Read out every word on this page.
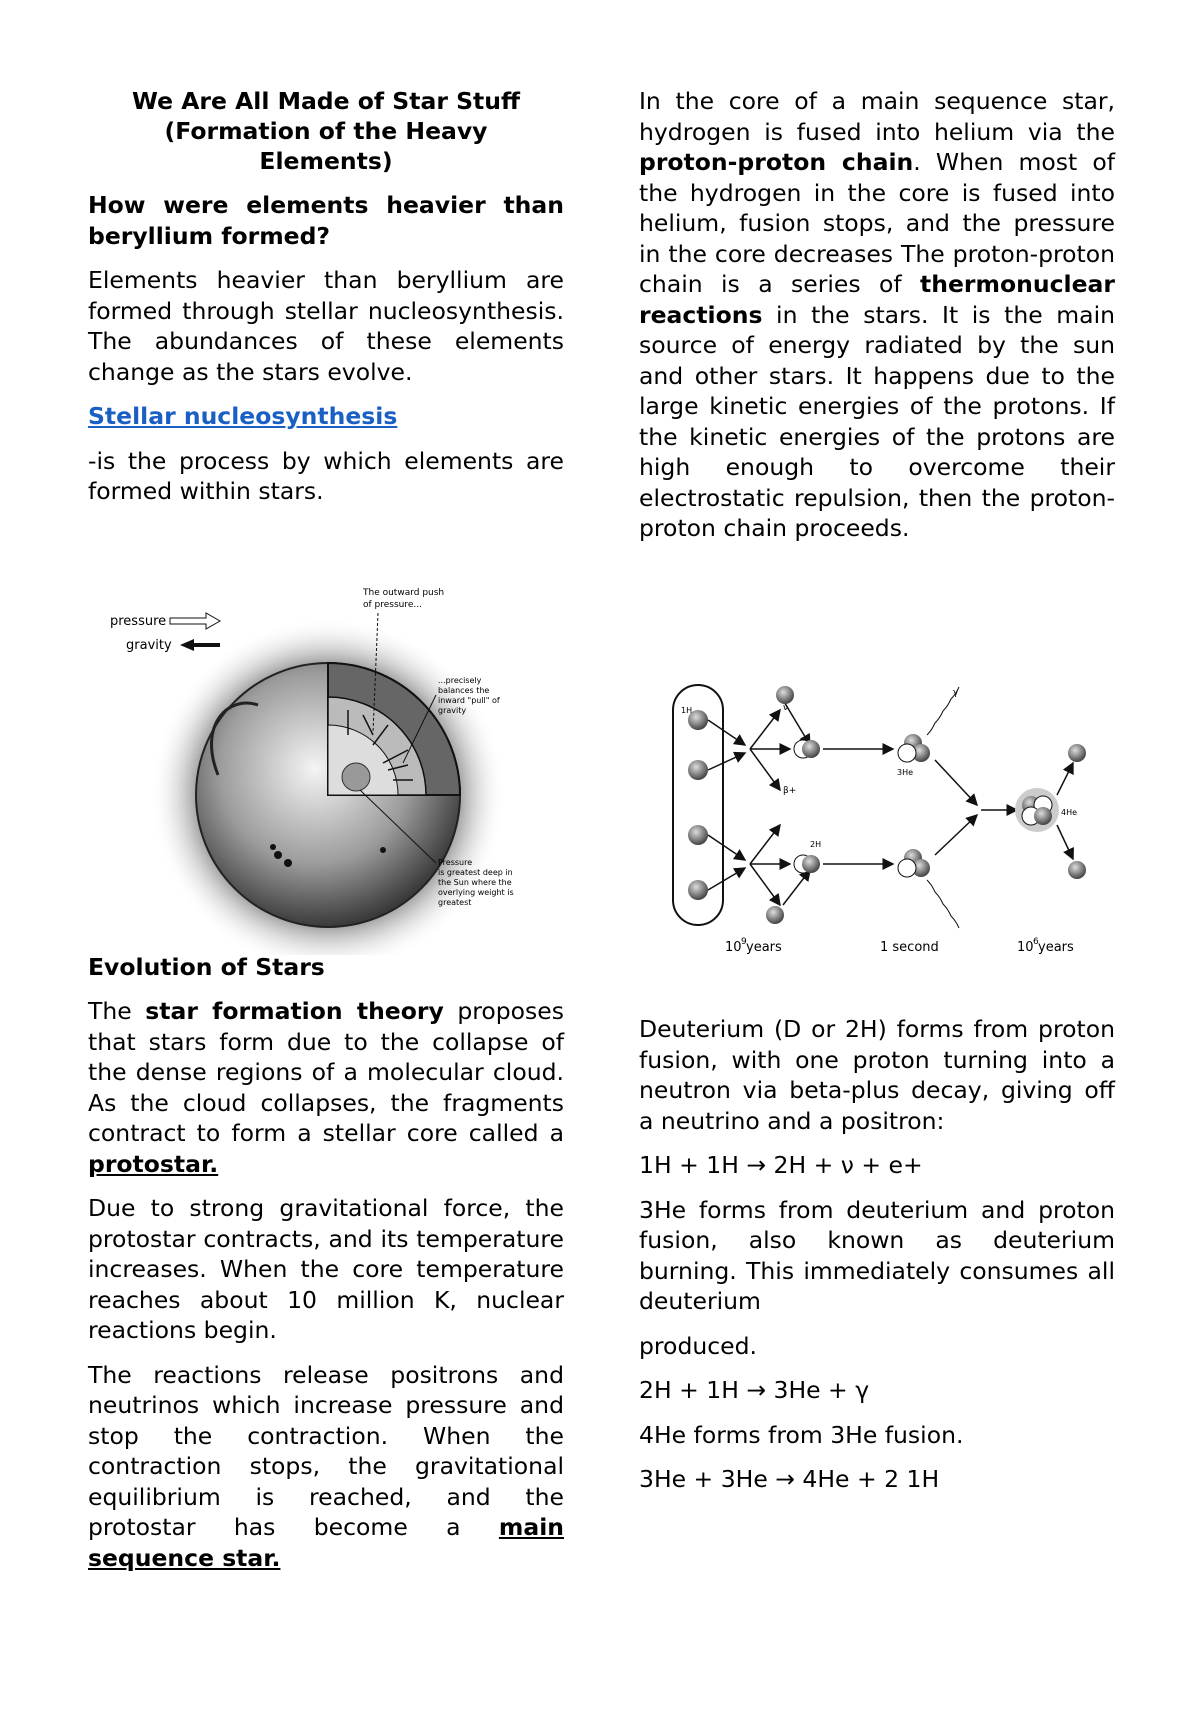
We Are All Made of Star Stuff
(Formation of the Heavy
Elements)

How were elements heavier than beryllium formed?

Elements heavier than beryllium are formed through stellar nucleosynthesis. The abundances of these elements change as the stars evolve.

Stellar nucleosynthesis

-is the process by which elements are formed within stars.

pressure
gravity
The outward push
of pressure...
...precisely
balances the
inward "pull" of
gravity
Pressure
is greatest deep in
the Sun where the
overlying weight is
greatest
Evolution of Stars

The star formation theory proposes that stars form due to the collapse of the dense regions of a molecular cloud. As the cloud collapses, the fragments contract to form a stellar core called a protostar.

Due to strong gravitational force, the protostar contracts, and its temperature increases. When the core temperature reaches about 10 million K, nuclear reactions begin.

The reactions release positrons and neutrinos which increase pressure and stop the contraction. When the contraction stops, the gravitational equilibrium is reached, and the protostar has become a main sequence star.

In the core of a main sequence star, hydrogen is fused into helium via the proton-proton chain. When most of the hydrogen in the core is fused into helium, fusion stops, and the pressure in the core decreases The proton-proton chain is a series of thermonuclear reactions in the stars. It is the main source of energy radiated by the sun and other stars. It happens due to the large kinetic energies of the protons. If the kinetic energies of the protons are high enough to overcome their electrostatic repulsion, then the proton-proton chain proceeds.

1H	ν
β+
2H
3He
γ
4He
10 9 years	1 second	10 6 years

Deuterium (D or 2H) forms from proton fusion, with one proton turning into a neutron via beta-plus decay, giving off a neutrino and a positron:

1H + 1H → 2H + ν + e+

3He forms from deuterium and proton fusion, also known as deuterium burning. This immediately consumes all deuterium

produced.

2H + 1H → 3He + γ

4He forms from 3He fusion.

3He + 3He → 4He + 2 1H
